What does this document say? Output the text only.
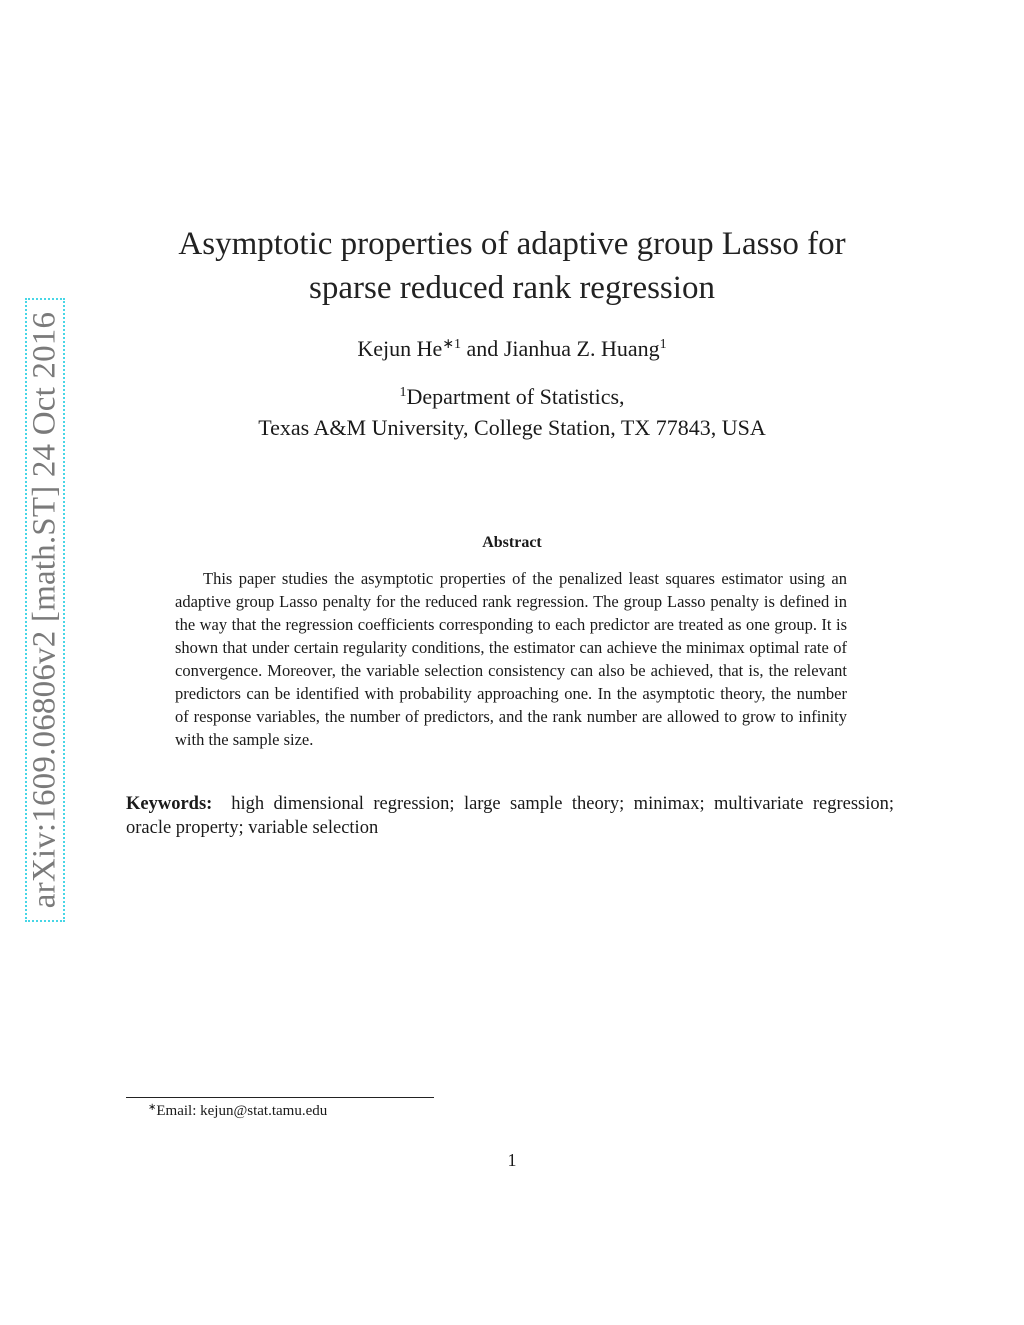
arXiv:1609.06806v2 [math.ST] 24 Oct 2016
Asymptotic properties of adaptive group Lasso for
sparse reduced rank regression
Kejun $He^{∗1}$ and Jianhua Z. Huang$^1$
$^1$Department of Statistics,
Texas A&M University, College Station, TX 77843, USA
Abstract

This paper studies the asymptotic properties of the penalized least squares estimator using an adaptive group Lasso penalty for the reduced rank regression. The group Lasso penalty is defined in the way that the regression coefficients corresponding to each predictor are treated as one group. It is shown that under certain regularity conditions, the estimator can achieve the minimax optimal rate of convergence. Moreover, the variable selection consistency can also be achieved, that is, the relevant predictors can be identified with probability approaching one. In the asymptotic theory, the number of response variables, the number of predictors, and the rank number are allowed to grow to infinity with the sample size.

Keywords: high dimensional regression; large sample theory; minimax; multivariate regression; oracle property; variable selection

∗Email: kejun@stat.tamu.edu
1
